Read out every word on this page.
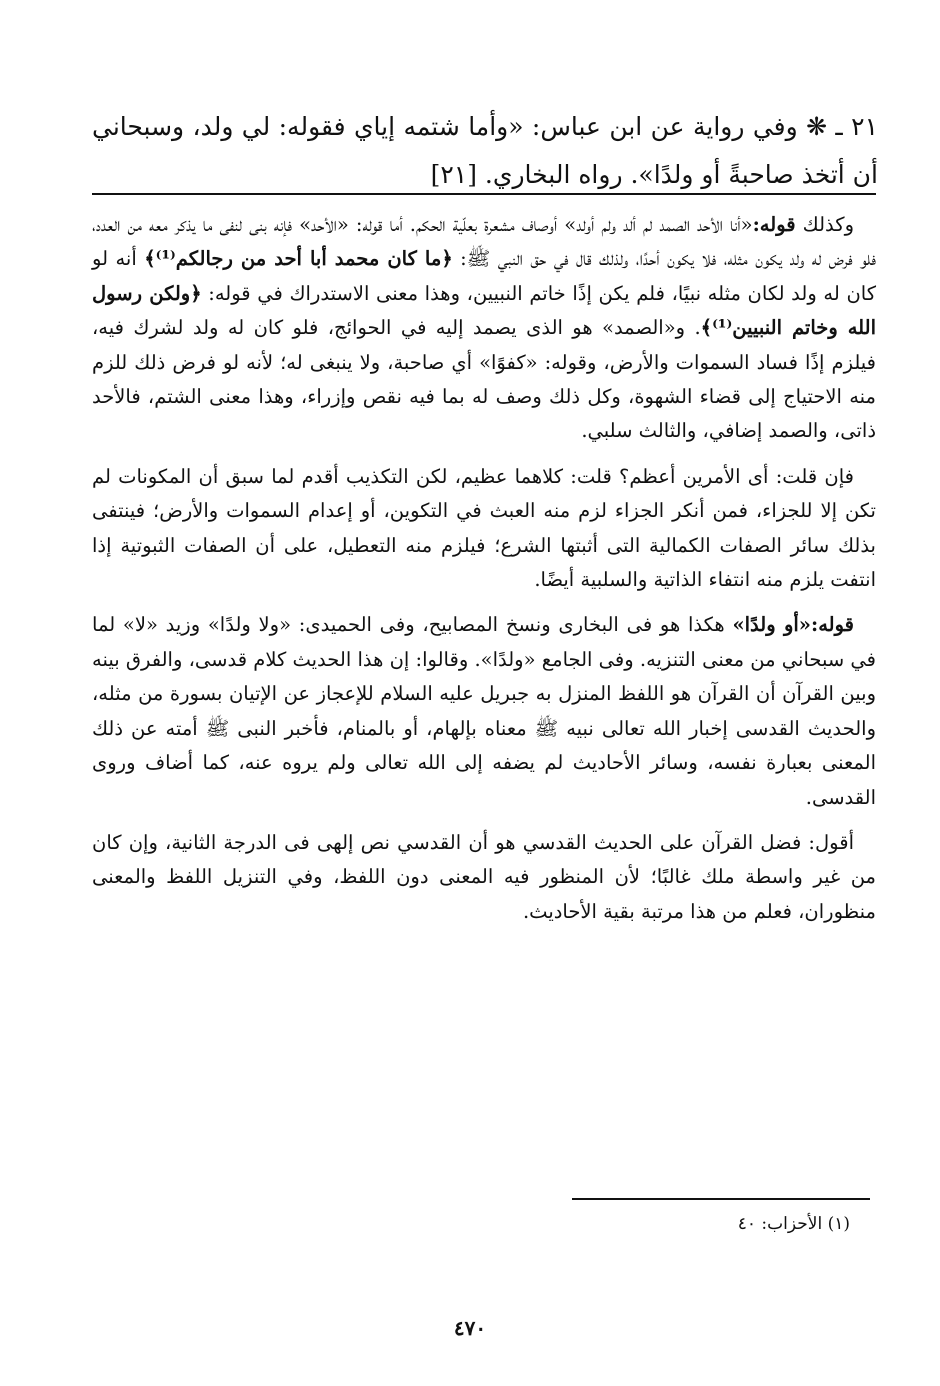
٢١ ـ ❋ وفي رواية عن ابن عباس: «وأما شتمه إياي فقوله: لي ولد، وسبحاني أن أتخذ صاحبةً أو ولدًا». رواه البخاري. [٢١]

وكذلك قوله:«أنا الأحد الصمد لم ألد ولم أولد» أوصاف مشعرة بعلّية الحكم. أما قوله: «الأحد» فإنه بنى لنفى ما يذكر معه من العدد، فلو فرض له ولد يكون مثله، فلا يكون أحدًا، ولذلك قال في حق النبي ﷺ: ﴿ما كان محمد أبا أحد من رجالكم⁽¹⁾﴾ أنه لو كان له ولد لكان مثله نبيًا، فلم يكن إذًا خاتم النبيين، وهذا معنى الاستدراك في قوله: ﴿ولكن رسول الله وخاتم النبيين⁽¹⁾﴾. و«الصمد» هو الذى يصمد إليه في الحوائج، فلو كان له ولد لشرك فيه، فيلزم إذًا فساد السموات والأرض، وقوله: «كفوًا» أي صاحبة، ولا ينبغى له؛ لأنه لو فرض ذلك للزم منه الاحتياج إلى قضاء الشهوة، وكل ذلك وصف له بما فيه نقص وإزراء، وهذا معنى الشتم، فالأحد ذاتى، والصمد إضافي، والثالث سلبي.

فإن قلت: أى الأمرين أعظم؟ قلت: كلاهما عظيم، لكن التكذيب أقدم لما سبق أن المكونات لم تكن إلا للجزاء، فمن أنكر الجزاء لزم منه العبث في التكوين، أو إعدام السموات والأرض؛ فينتفى بذلك سائر الصفات الكمالية التى أثبتها الشرع؛ فيلزم منه التعطيل، على أن الصفات الثبوتية إذا انتفت يلزم منه انتفاء الذاتية والسلبية أيضًا.

قوله:«أو ولدًا» هكذا هو فى البخارى ونسخ المصابيح، وفى الحميدى: «ولا ولدًا» وزيد «لا» لما في سبحاني من معنى التنزيه. وفى الجامع «ولدًا». وقالوا: إن هذا الحديث كلام قدسى، والفرق بينه وبين القرآن أن القرآن هو اللفظ المنزل به جبريل عليه السلام للإعجاز عن الإتيان بسورة من مثله، والحديث القدسى إخبار الله تعالى نبيه ﷺ معناه بإلهام، أو بالمنام، فأخبر النبى ﷺ أمته عن ذلك المعنى بعبارة نفسه، وسائر الأحاديث لم يضفه إلى الله تعالى ولم يروه عنه، كما أضاف وروى القدسى.

أقول: فضل القرآن على الحديث القدسي هو أن القدسي نص إلهى فى الدرجة الثانية، وإن كان من غير واسطة ملك غالبًا؛ لأن المنظور فيه المعنى دون اللفظ، وفي التنزيل اللفظ والمعنى منظوران، فعلم من هذا مرتبة بقية الأحاديث.

(١) الأحزاب: ٤٠
٤٧٠
